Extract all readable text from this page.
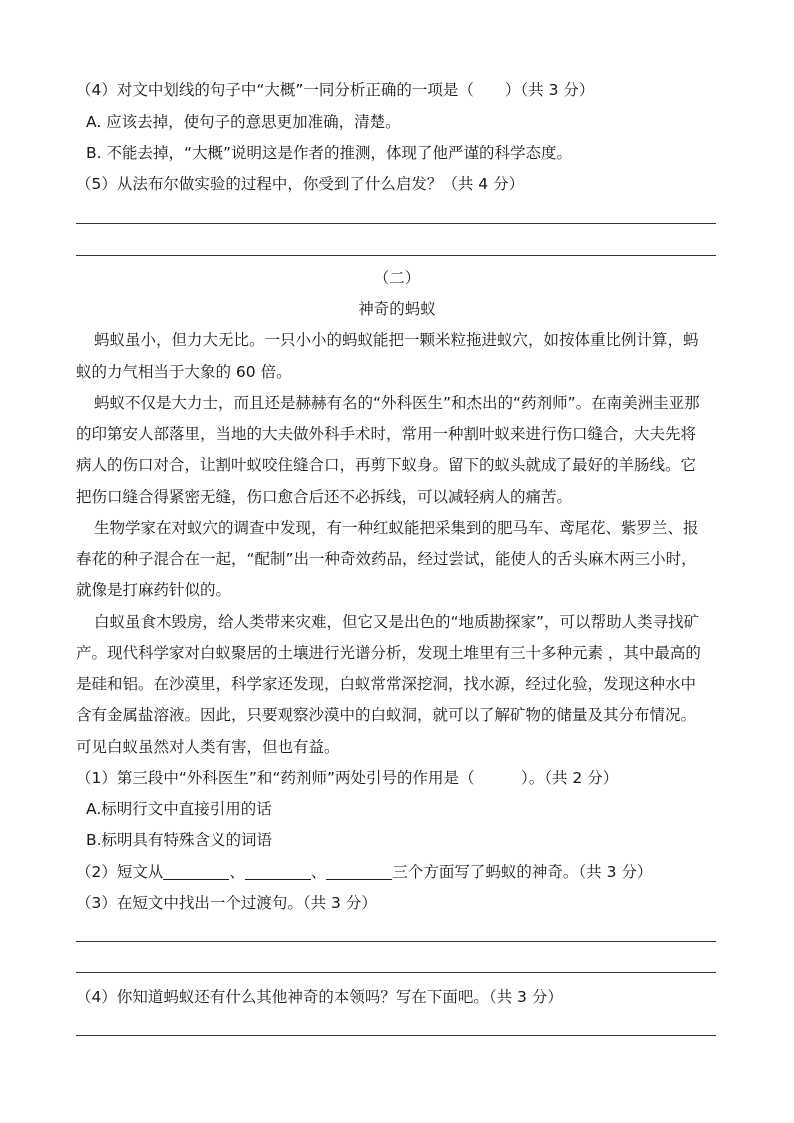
（4）对文中划线的句子中“大概”一同分析正确的一项是（　　）（共 3 分）
A. 应该去掉，使句子的意思更加准确，清楚。
B. 不能去掉，“大概”说明这是作者的推测，体现了他严谨的科学态度。
（5）从法布尔做实验的过程中，你受到了什么启发？（共 4 分）
（二）
神奇的蚂蚁
蚂蚁虽小，但力大无比。一只小小的蚂蚁能把一颗米粒拖进蚁穴，如按体重比例计算，蚂
蚁的力气相当于大象的 60 倍。
蚂蚁不仅是大力士，而且还是赫赫有名的“外科医生”和杰出的“药剂师”。在南美洲圭亚那
的印第安人部落里，当地的大夫做外科手术时，常用一种割叶蚁来进行伤口缝合，大夫先将
病人的伤口对合，让割叶蚁咬住缝合口，再剪下蚁身。留下的蚁头就成了最好的羊肠线。它
把伤口缝合得紧密无缝，伤口愈合后还不必拆线，可以减轻病人的痛苦。
生物学家在对蚁穴的调查中发现，有一种红蚁能把采集到的肥马车、鸢尾花、紫罗兰、报
春花的种子混合在一起，“配制”出一种奇效药品，经过尝试，能使人的舌头麻木两三小时，
就像是打麻药针似的。
白蚁虽食木毁房，给人类带来灾难，但它又是出色的“地质勘探家”，可以帮助人类寻找矿
产。现代科学家对白蚁聚居的土壤进行光谱分析，发现土堆里有三十多种元素 ，其中最高的
是硅和铝。在沙漠里，科学家还发现，白蚁常常深挖洞，找水源，经过化验，发现这种水中
含有金属盐溶液。因此，只要观察沙漠中的白蚁洞，就可以了解矿物的储量及其分布情况。
可见白蚁虽然对人类有害，但也有益。
（1）第三段中“外科医生”和“药剂师”两处引号的作用是（　　　）。（共 2 分）
A.标明行文中直接引用的话
B.标明具有特殊含义的词语
（2）短文从	、	、	三个方面写了蚂蚁的神奇。（共 3 分）
（3）在短文中找出一个过渡句。（共 3 分）
（4）你知道蚂蚁还有什么其他神奇的本领吗？写在下面吧。（共 3 分）
